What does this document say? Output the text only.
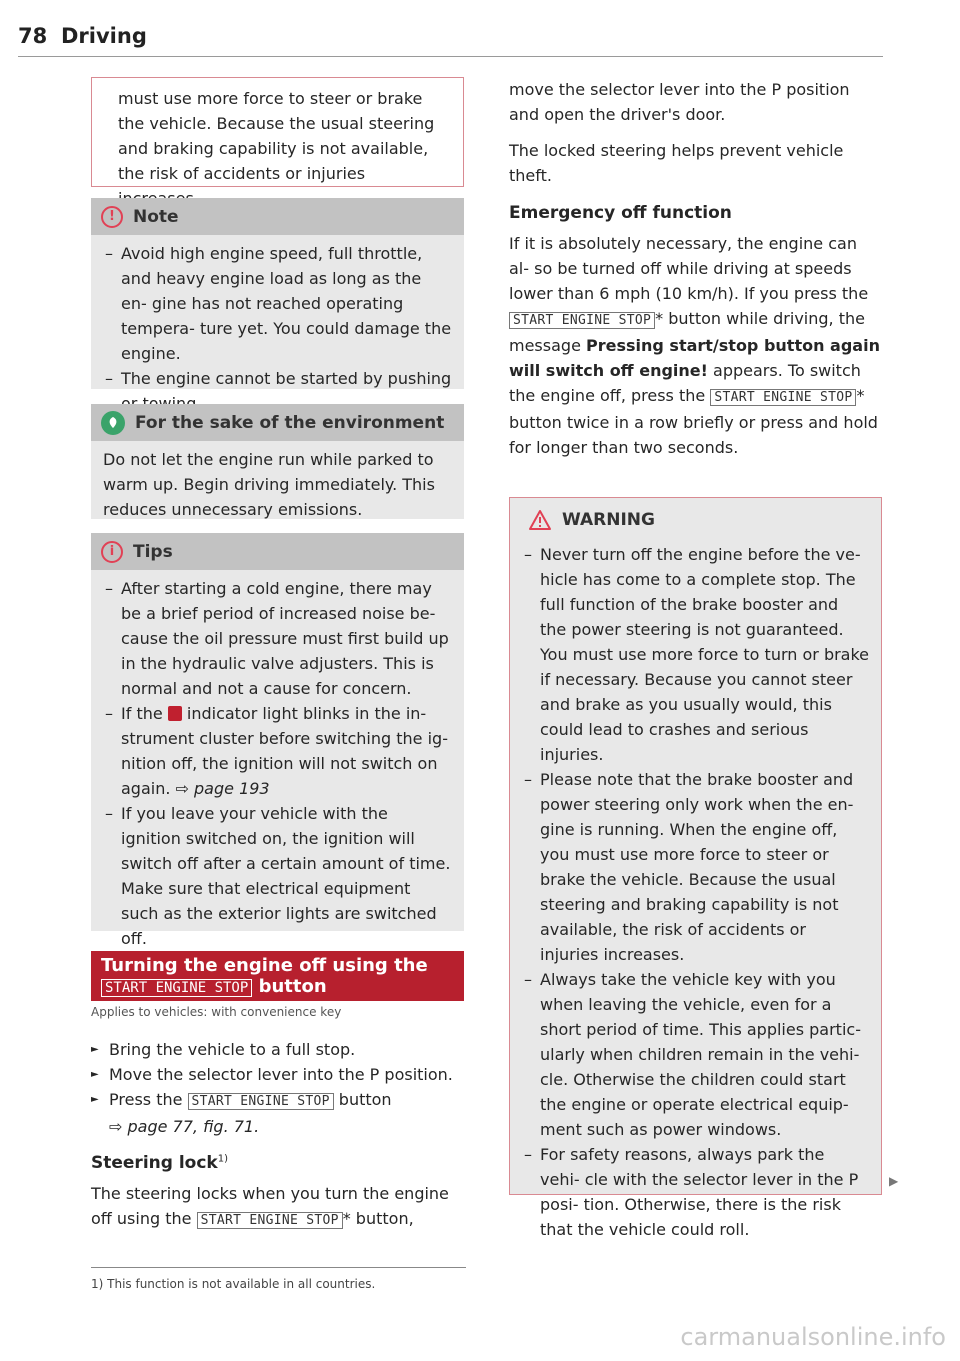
78 Driving

must use more force to steer or brake

the vehicle. Because the usual steering

and braking capability is not available,

the risk of accidents or injuries

!	Note
– Avoid high engine speed, full throttle, and heavy engine load as long as the en- gine has not reached operating tempera- ture yet. You could damage the engine.
– The engine cannot be started by pushing
For the sake of the environment

Do not let the engine run while parked to warm up. Begin driving immediately. This reduces unnecessary emissions.

i	Tips
– After starting a cold engine, there may be a brief period of increased noise be- cause the oil pressure must first build up in the hydraulic valve adjusters. This is normal and not a cause for concern.
– If the indicator light blinks in the in- strument cluster before switching the ig- nition off, the ignition will not switch on again. ⇨ page 193
– If you leave your vehicle with the ignition switched on, the ignition will switch off after a certain amount of time. Make sure that electrical equipment such as the exterior lights are switched off.
Turning the engine off using the
START ENGINE STOP button
Applies to vehicles: with convenience key
► Bring the vehicle to a full stop.
► Move the selector lever into the P position.
► Press the START ENGINE STOP button
⇨ page 77, fig. 71.
Steering lock$^{1)}$

The steering locks when you turn the engine off using the START ENGINE STOP * button,

1) This function is not available in all countries.

move the selector lever into the P position and open the driver's door.

The locked steering helps prevent vehicle theft.

Emergency off function

If it is absolutely necessary, the engine can al- so be turned off while driving at speeds lower than 6 mph (10 km/h). If you press the START ENGINE STOP * button while driving, the message Pressing start/stop button again will switch off engine! appears. To switch the engine off, press the START ENGINE STOP * button twice in a row briefly or press and hold for longer than two seconds.

WARNING
– Never turn off the engine before the ve- hicle has come to a complete stop. The full function of the brake booster and the power steering is not guaranteed. You must use more force to turn or brake if necessary. Because you cannot steer and brake as you usually would, this could lead to crashes and serious injuries.
– Please note that the brake booster and power steering only work when the en- gine is running. When the engine off, you must use more force to steer or brake the vehicle. Because the usual steering and braking capability is not available, the risk of accidents or injuries increases.
– Always take the vehicle key with you when leaving the vehicle, even for a short period of time. This applies partic- ularly when children remain in the vehi- cle. Otherwise the children could start the engine or operate electrical equip- ment such as power windows.
– For safety reasons, always park the vehi- cle with the selector lever in the P posi- tion. Otherwise, there is the risk that the vehicle could roll.
▶
carmanualsonline.info
